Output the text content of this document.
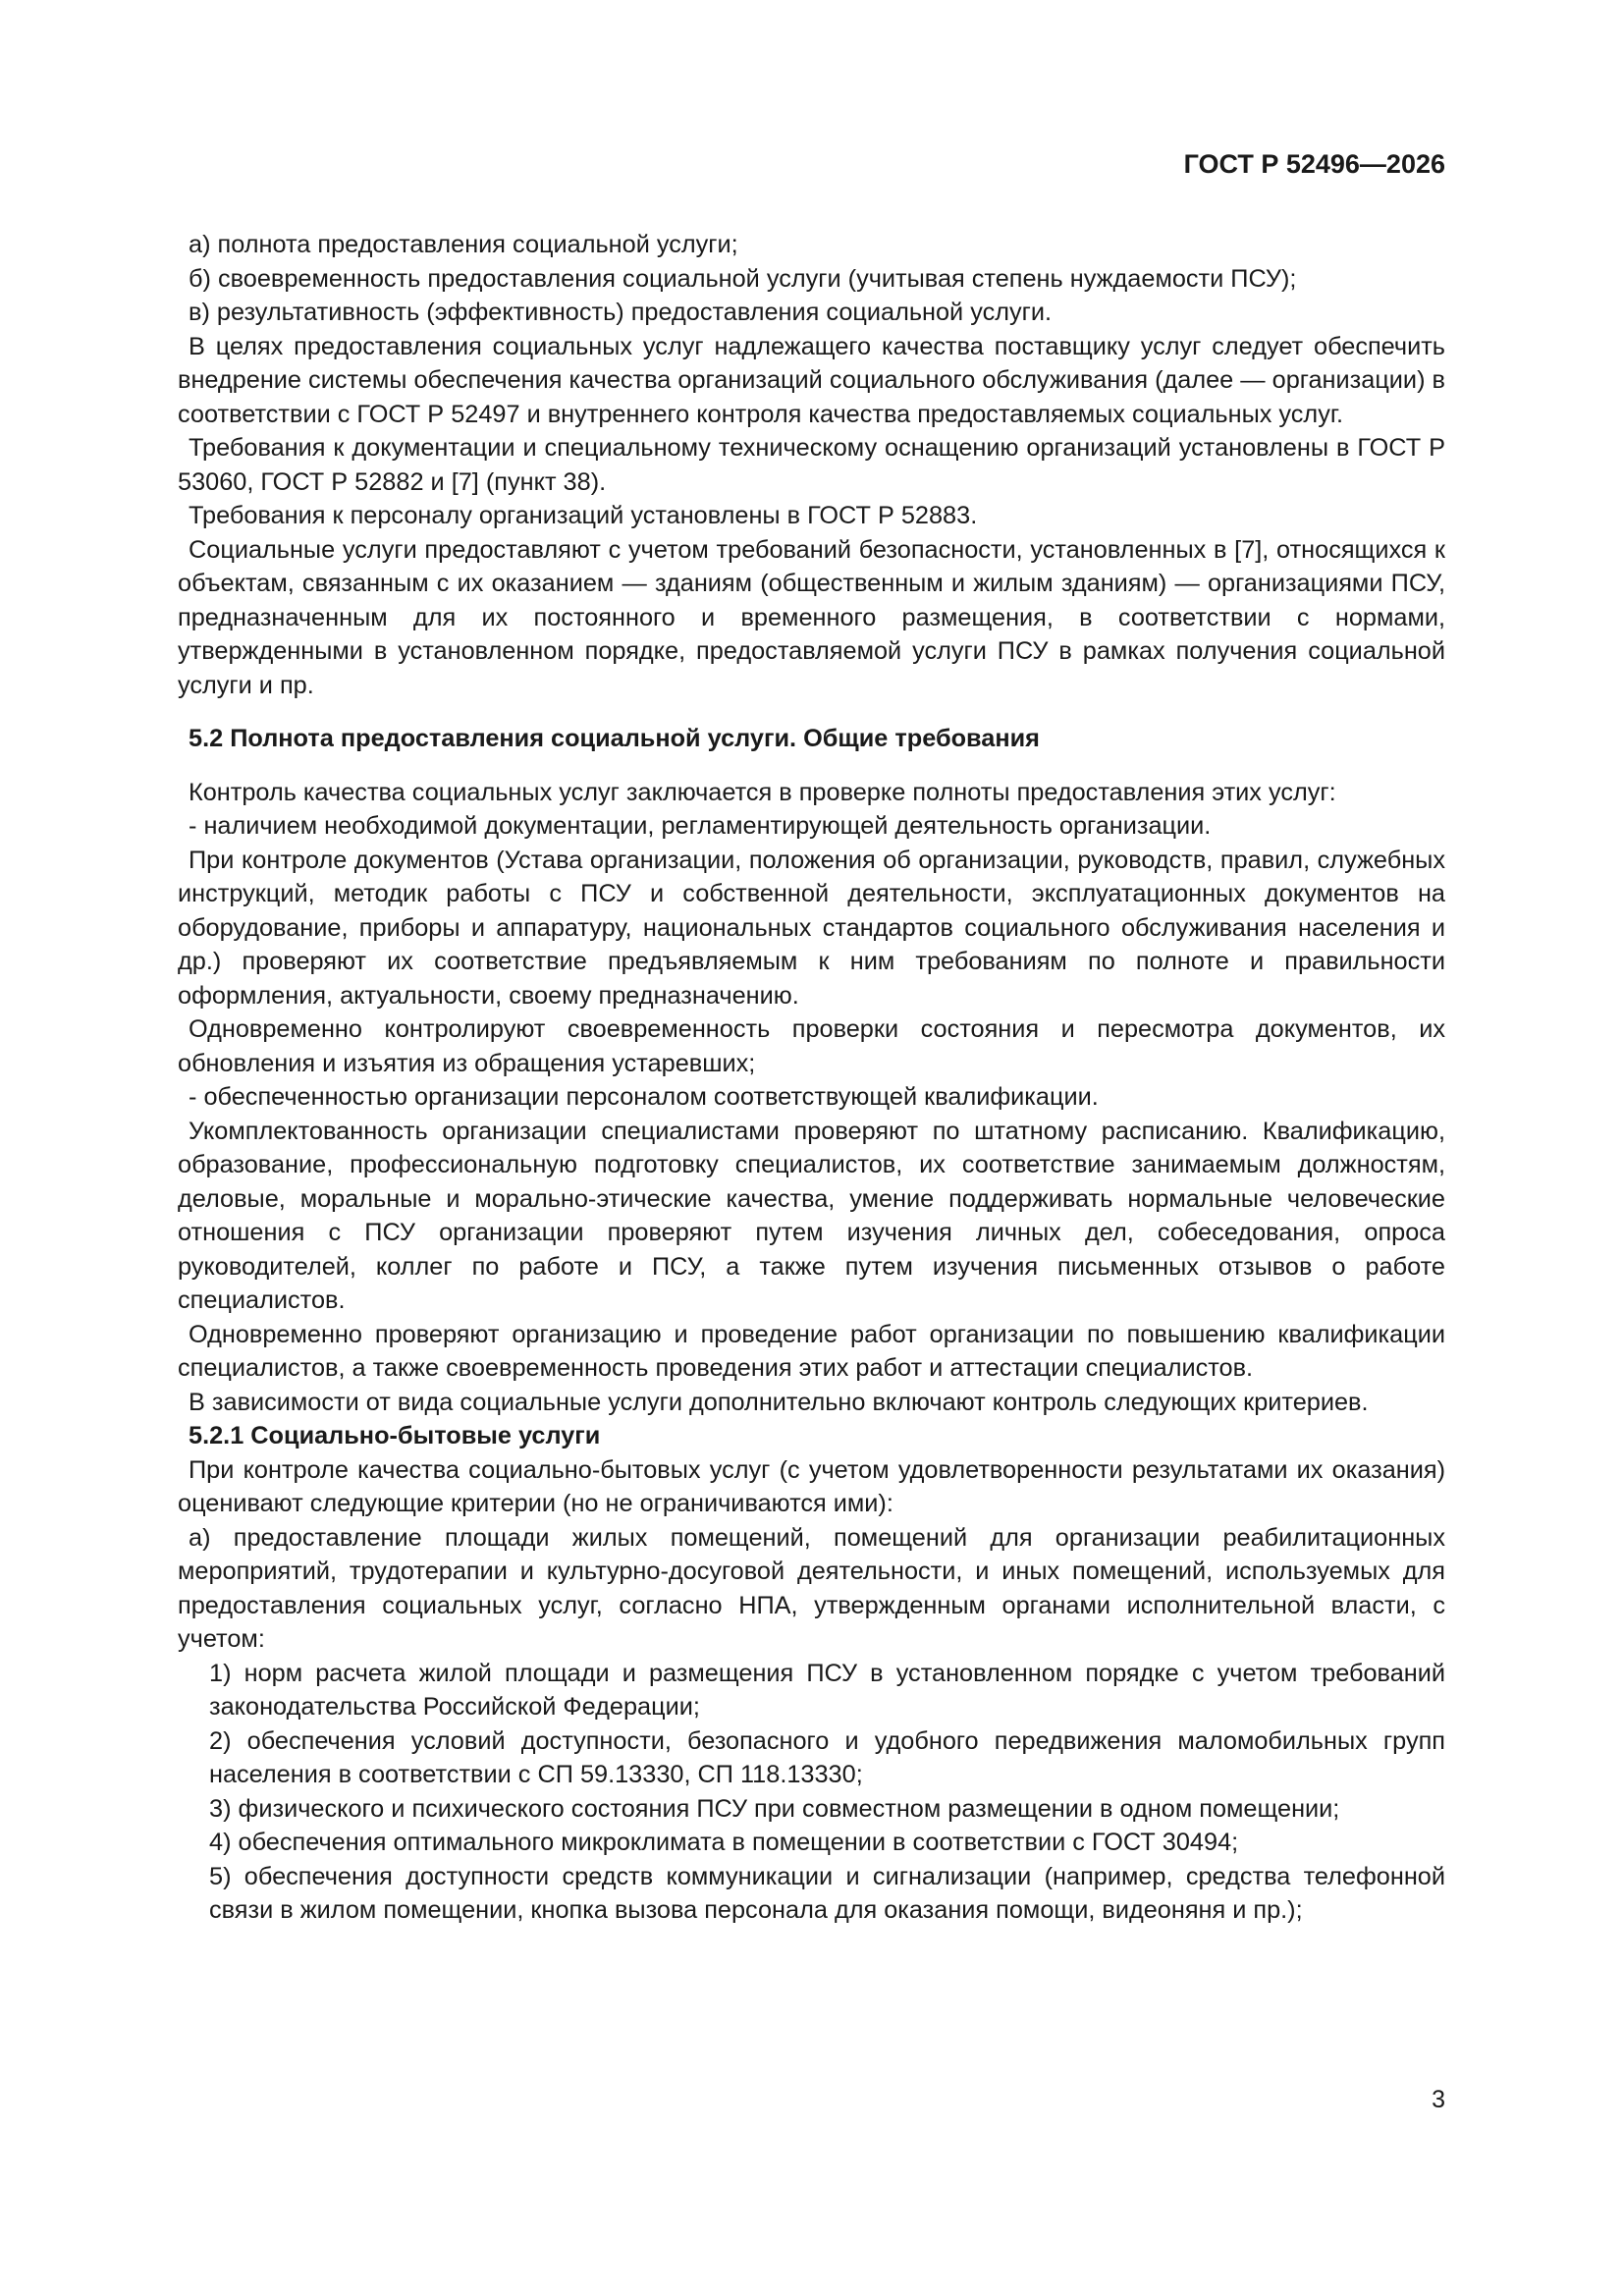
ГОСТ Р 52496—2026

а) полнота предоставления социальной услуги;

б) своевременность предоставления социальной услуги (учитывая степень нуждаемости ПСУ);

в) результативность (эффективность) предоставления социальной услуги.

В целях предоставления социальных услуг надлежащего качества поставщику услуг следует обеспечить внедрение системы обеспечения качества организаций социального обслуживания (далее — организации) в соответствии с ГОСТ Р 52497 и внутреннего контроля качества предоставляемых социальных услуг.

Требования к документации и специальному техническому оснащению организаций установлены в ГОСТ Р 53060, ГОСТ Р 52882 и [7] (пункт 38).

Требования к персоналу организаций установлены в ГОСТ Р 52883.

Социальные услуги предоставляют с учетом требований безопасности, установленных в [7], относящихся к объектам, связанным с их оказанием — зданиям (общественным и жилым зданиям) — организациями ПСУ, предназначенным для их постоянного и временного размещения, в соответствии с нормами, утвержденными в установленном порядке, предоставляемой услуги ПСУ в рамках получения социальной услуги и пр.

5.2 Полнота предоставления социальной услуги. Общие требования

Контроль качества социальных услуг заключается в проверке полноты предоставления этих услуг:

- наличием необходимой документации, регламентирующей деятельность организации.

При контроле документов (Устава организации, положения об организации, руководств, правил, служебных инструкций, методик работы с ПСУ и собственной деятельности, эксплуатационных документов на оборудование, приборы и аппаратуру, национальных стандартов социального обслуживания населения и др.) проверяют их соответствие предъявляемым к ним требованиям по полноте и правильности оформления, актуальности, своему предназначению.

Одновременно контролируют своевременность проверки состояния и пересмотра документов, их обновления и изъятия из обращения устаревших;

- обеспеченностью организации персоналом соответствующей квалификации.

Укомплектованность организации специалистами проверяют по штатному расписанию. Квалификацию, образование, профессиональную подготовку специалистов, их соответствие занимаемым должностям, деловые, моральные и морально-этические качества, умение поддерживать нормальные человеческие отношения с ПСУ организации проверяют путем изучения личных дел, собеседования, опроса руководителей, коллег по работе и ПСУ, а также путем изучения письменных отзывов о работе специалистов.

Одновременно проверяют организацию и проведение работ организации по повышению квалификации специалистов, а также своевременность проведения этих работ и аттестации специалистов.

В зависимости от вида социальные услуги дополнительно включают контроль следующих критериев.

5.2.1 Социально-бытовые услуги

При контроле качества социально-бытовых услуг (с учетом удовлетворенности результатами их оказания) оценивают следующие критерии (но не ограничиваются ими):

а) предоставление площади жилых помещений, помещений для организации реабилитационных мероприятий, трудотерапии и культурно-досуговой деятельности, и иных помещений, используемых для предоставления социальных услуг, согласно НПА, утвержденным органами исполнительной власти, с учетом:

1) норм расчета жилой площади и размещения ПСУ в установленном порядке с учетом требований законодательства Российской Федерации;

2) обеспечения условий доступности, безопасного и удобного передвижения маломобильных групп населения в соответствии с СП 59.13330, СП 118.13330;

3) физического и психического состояния ПСУ при совместном размещении в одном помещении;

4) обеспечения оптимального микроклимата в помещении в соответствии с ГОСТ 30494;

5) обеспечения доступности средств коммуникации и сигнализации (например, средства телефонной связи в жилом помещении, кнопка вызова персонала для оказания помощи, видеоняня и пр.);

3
